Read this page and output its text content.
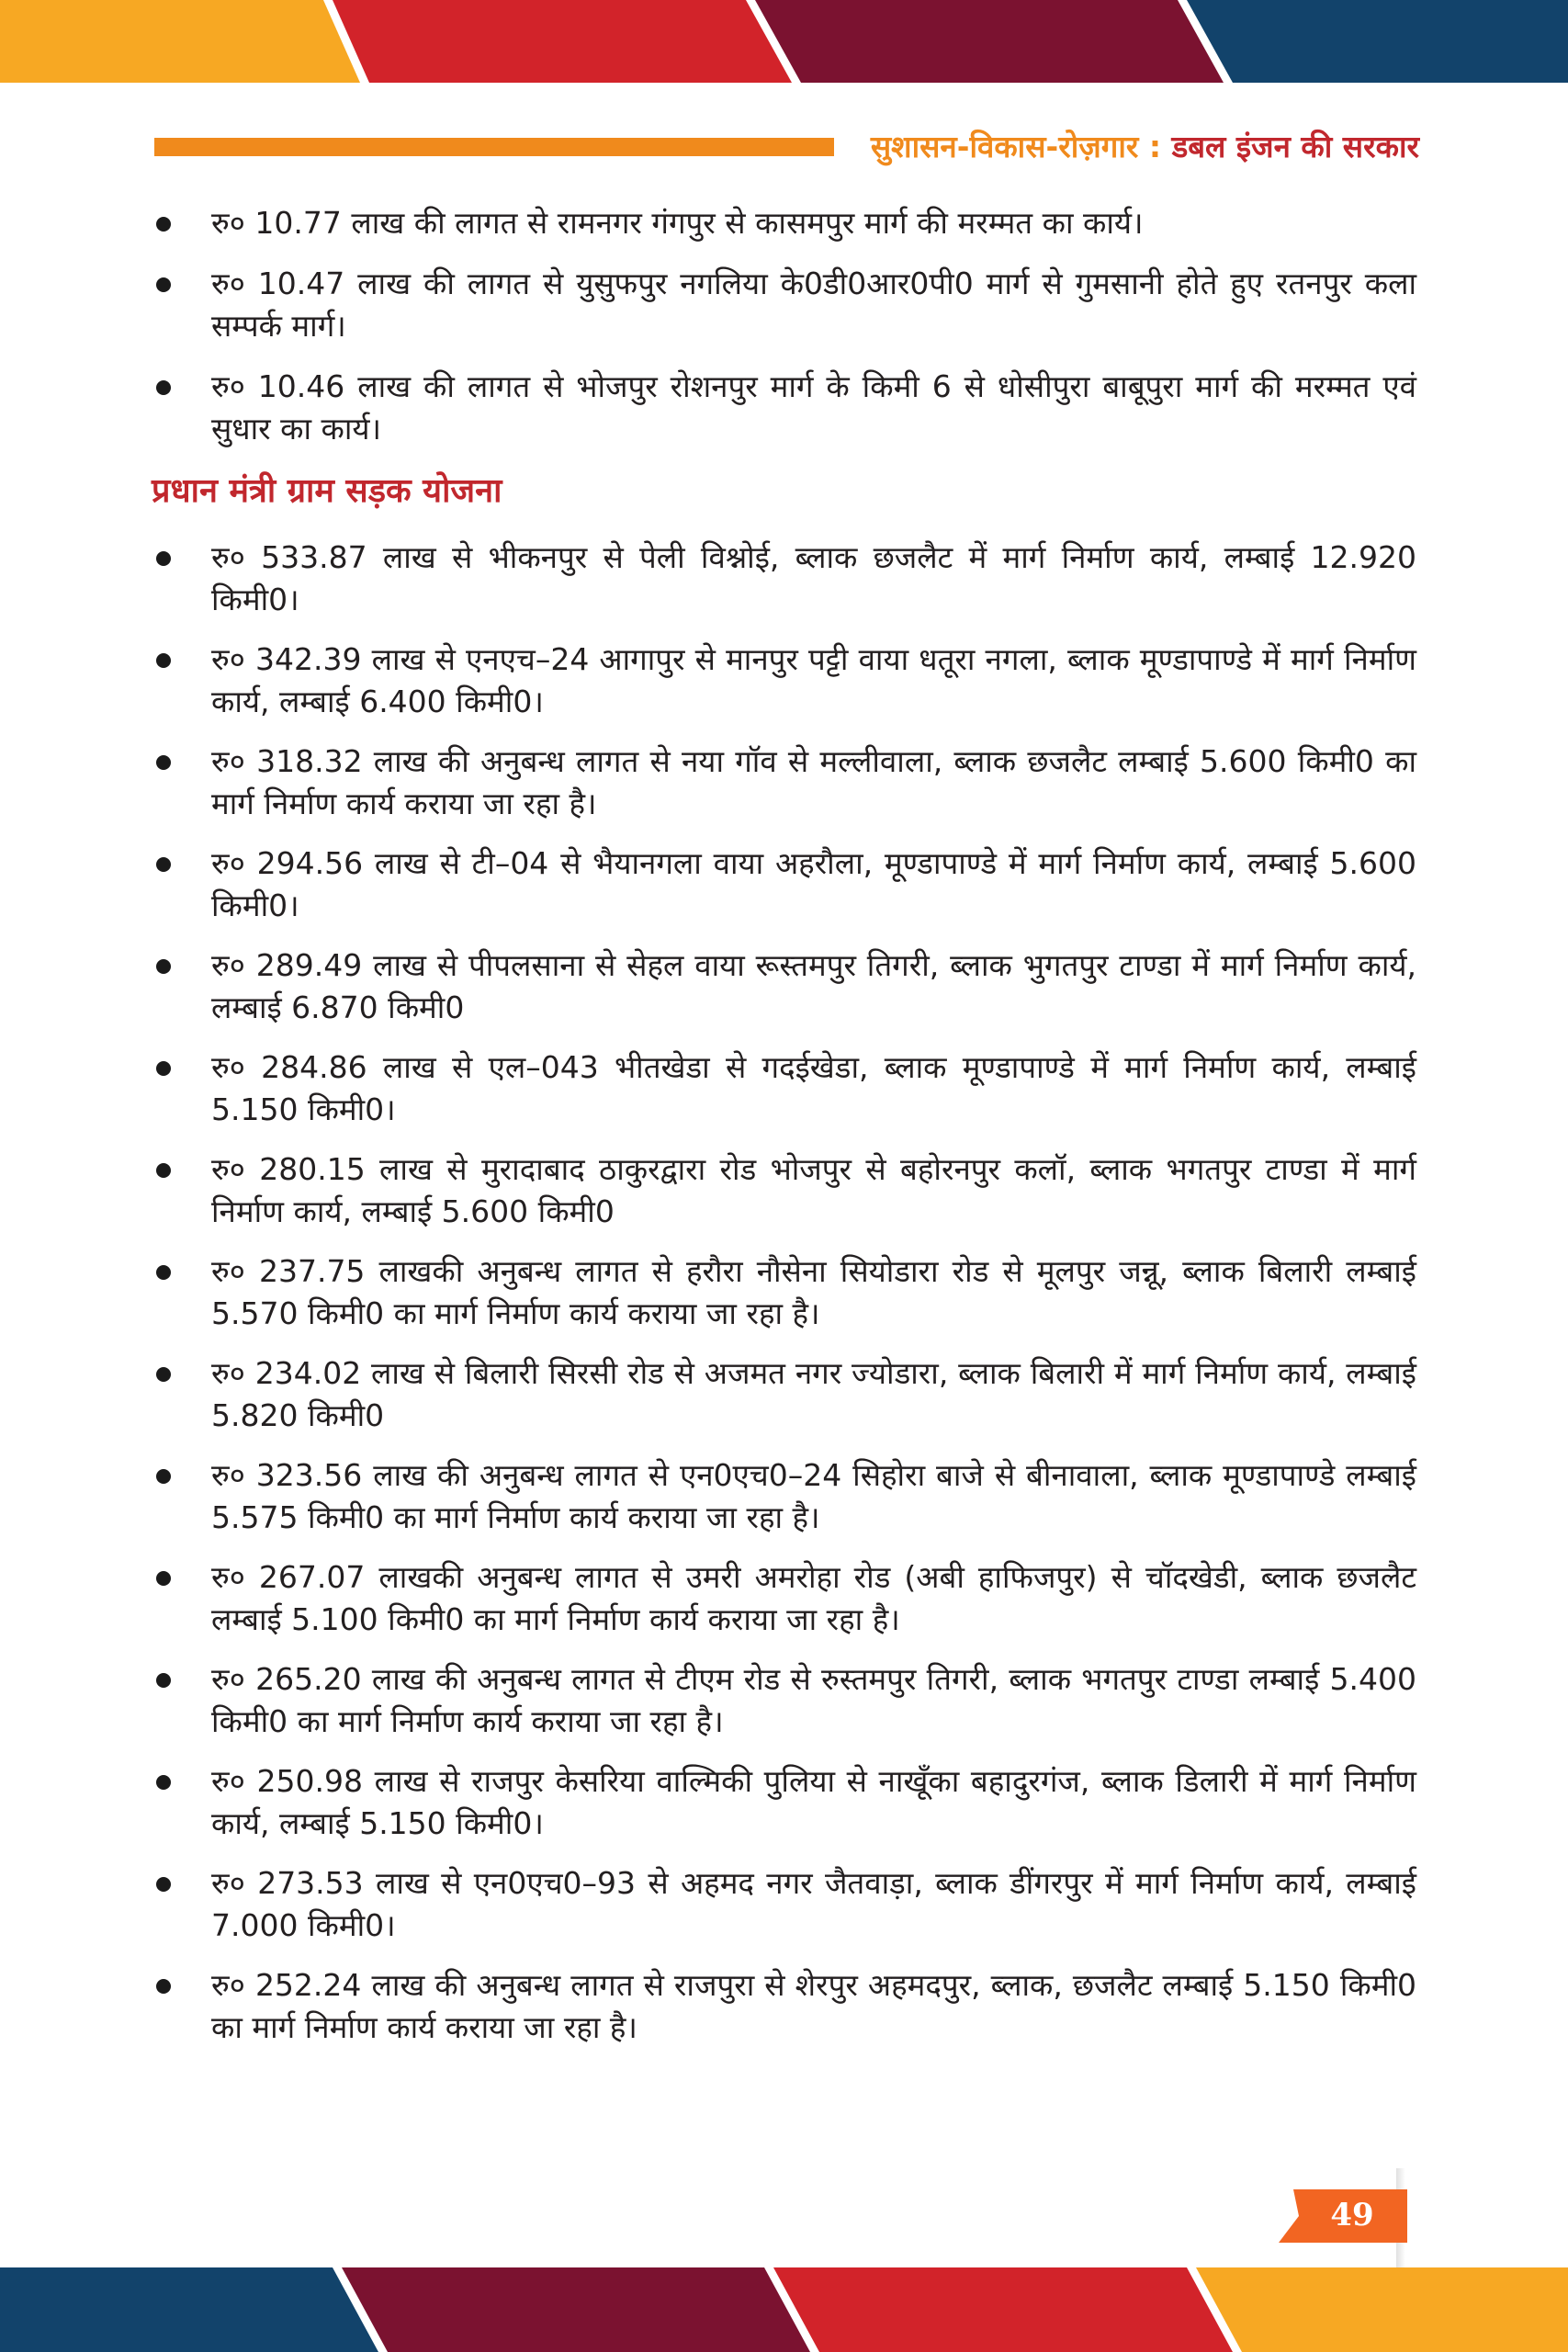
सुशासन-विकास-रोज़गार : डबल इंजन की सरकार
रु० 10.77 लाख की लागत से रामनगर गंगपुर से कासमपुर मार्ग की मरम्मत का कार्य।
रु० 10.47 लाख की लागत से युसुफपुर नगलिया के0डी0आर0पी0 मार्ग से गुमसानी होते हुए रतनपुर कला सम्पर्क मार्ग।
रु० 10.46 लाख की लागत से भोजपुर रोशनपुर मार्ग के किमी 6 से धोसीपुरा बाबूपुरा मार्ग की मरम्मत एवं सुधार का कार्य।
प्रधान मंत्री ग्राम सड़क योजना
रु० 533.87 लाख से भीकनपुर से पेली विश्नोई, ब्लाक छजलैट में मार्ग निर्माण कार्य, लम्बाई 12.920 किमी0।
रु० 342.39 लाख से एनएच–24 आगापुर से मानपुर पट्टी वाया धतूरा नगला, ब्लाक मूण्डापाण्डे में मार्ग निर्माण कार्य, लम्बाई 6.400 किमी0।
रु० 318.32 लाख की अनुबन्ध लागत से नया गॉव से मल्लीवाला, ब्लाक छजलैट लम्बाई 5.600 किमी0 का मार्ग निर्माण कार्य कराया जा रहा है।
रु० 294.56 लाख से टी–04 से भैयानगला वाया अहरौला, मूण्डापाण्डे में मार्ग निर्माण कार्य, लम्बाई 5.600 किमी0।
रु० 289.49 लाख से पीपलसाना से सेहल वाया रूस्तमपुर तिगरी, ब्लाक भुगतपुर टाण्डा में मार्ग निर्माण कार्य, लम्बाई 6.870 किमी0
रु० 284.86 लाख से एल–043 भीतखेडा से गदईखेडा, ब्लाक मूण्डापाण्डे में मार्ग निर्माण कार्य, लम्बाई 5.150 किमी0।
रु० 280.15 लाख से मुरादाबाद ठाकुरद्वारा रोड भोजपुर से बहोरनपुर कलॉ, ब्लाक भगतपुर टाण्डा में मार्ग निर्माण कार्य, लम्बाई 5.600 किमी0
रु० 237.75 लाखकी अनुबन्ध लागत से हरौरा नौसेना सियोडारा रोड से मूलपुर जन्नू, ब्लाक बिलारी लम्बाई 5.570 किमी0 का मार्ग निर्माण कार्य कराया जा रहा है।
रु० 234.02 लाख से बिलारी सिरसी रोड से अजमत नगर ज्योडारा, ब्लाक बिलारी में मार्ग निर्माण कार्य, लम्बाई 5.820 किमी0
रु० 323.56 लाख की अनुबन्ध लागत से एन0एच0–24 सिहोरा बाजे से बीनावाला, ब्लाक मूण्डापाण्डे लम्बाई 5.575 किमी0 का मार्ग निर्माण कार्य कराया जा रहा है।
रु० 267.07 लाखकी अनुबन्ध लागत से उमरी अमरोहा रोड (अबी हाफिजपुर) से चॉदखेडी, ब्लाक छजलैट लम्बाई 5.100 किमी0 का मार्ग निर्माण कार्य कराया जा रहा है।
रु० 265.20 लाख की अनुबन्ध लागत से टीएम रोड से रुस्तमपुर तिगरी, ब्लाक भगतपुर टाण्डा लम्बाई 5.400 किमी0 का मार्ग निर्माण कार्य कराया जा रहा है।
रु० 250.98 लाख से राजपुर केसरिया वाल्मिकी पुलिया से नाखूँका बहादुरगंज, ब्लाक डिलारी में मार्ग निर्माण कार्य, लम्बाई 5.150 किमी0।
रु० 273.53 लाख से एन0एच0–93 से अहमद नगर जैतवाड़ा, ब्लाक डींगरपुर में मार्ग निर्माण कार्य, लम्बाई 7.000 किमी0।
रु० 252.24 लाख की अनुबन्ध लागत से राजपुरा से शेरपुर अहमदपुर, ब्लाक, छजलैट लम्बाई 5.150 किमी0 का मार्ग निर्माण कार्य कराया जा रहा है।
49
